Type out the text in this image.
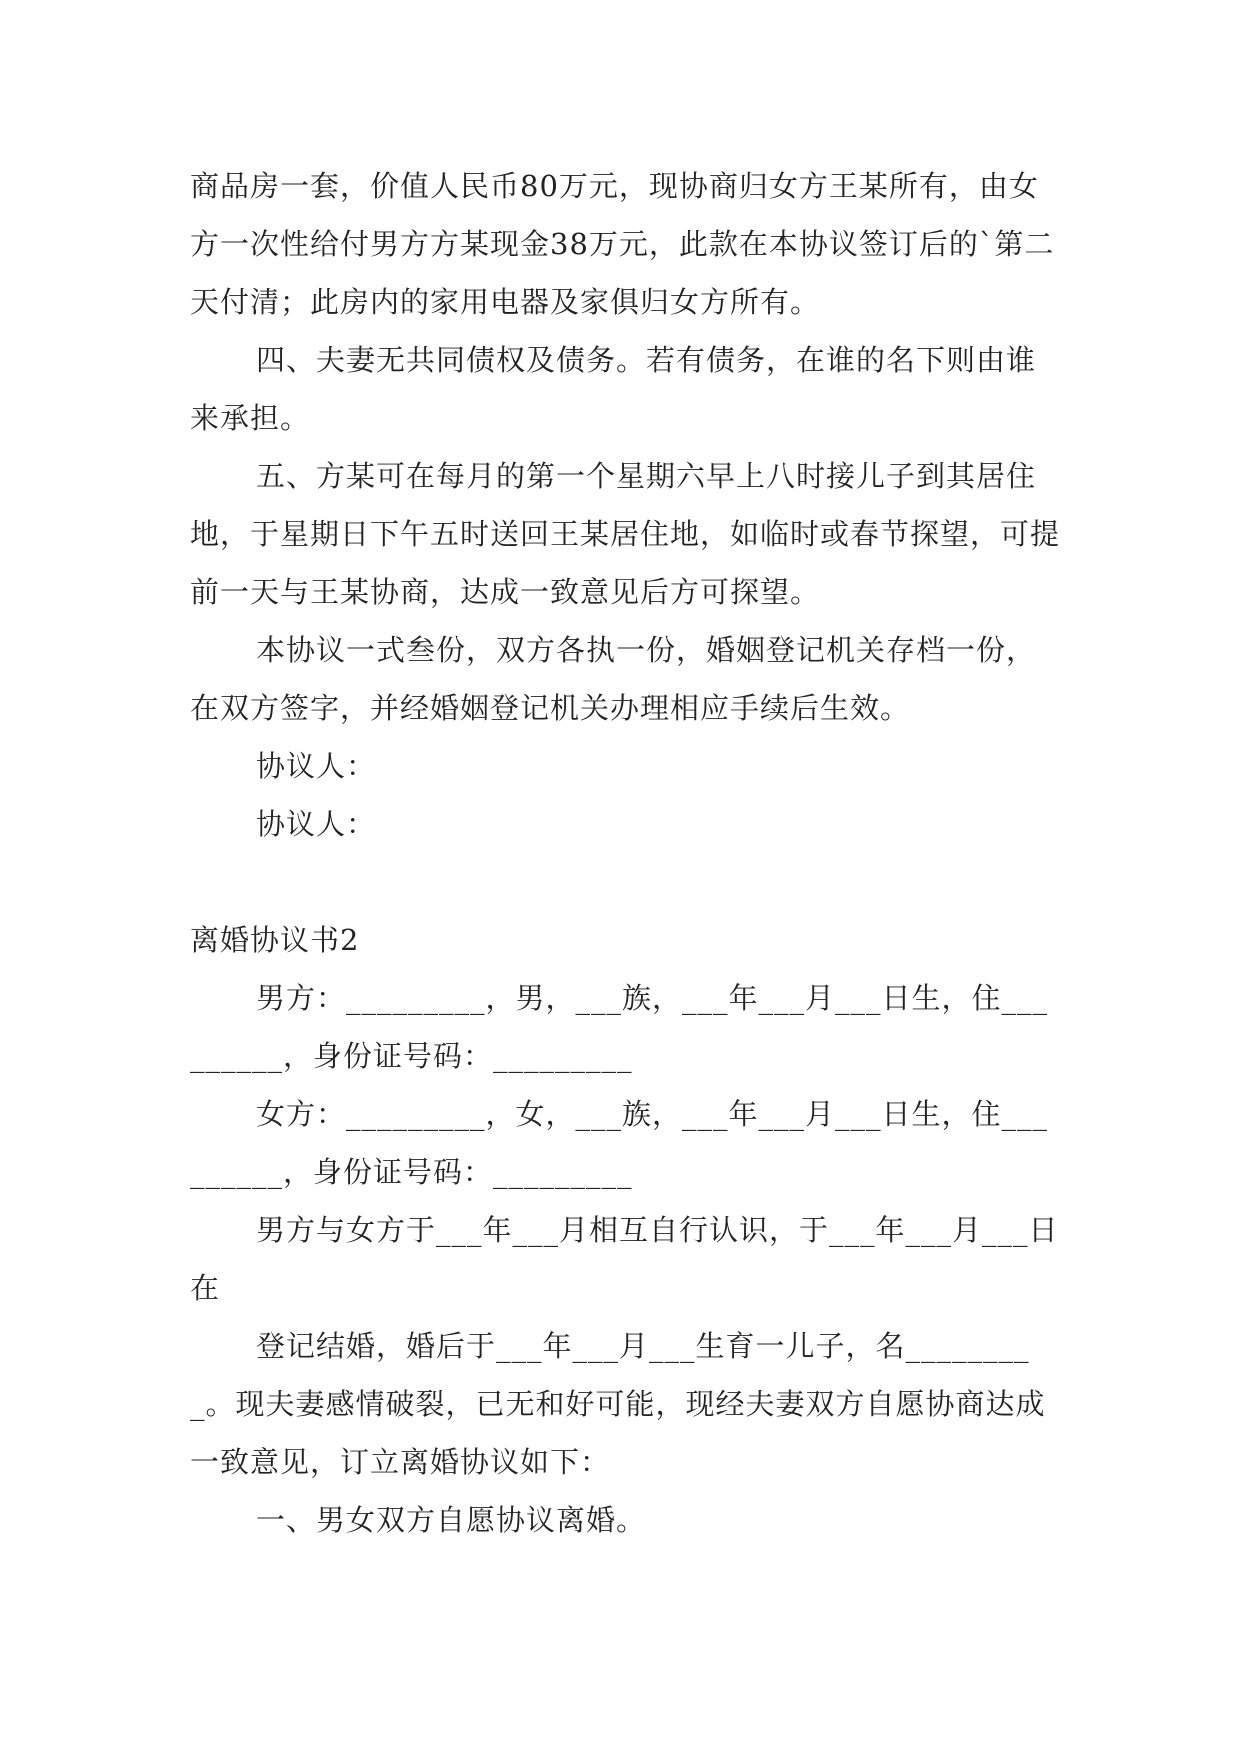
商品房一套，价值人民币80万元，现协商归女方王某所有，由女方一次性给付男方方某现金38万元，此款在本协议签订后的`第二天付清；此房内的家用电器及家俱归女方所有。

四、夫妻无共同债权及债务。若有债务，在谁的名下则由谁来承担。

五、方某可在每月的第一个星期六早上八时接儿子到其居住地，于星期日下午五时送回王某居住地，如临时或春节探望，可提前一天与王某协商，达成一致意见后方可探望。

本协议一式叁份，双方各执一份，婚姻登记机关存档一份，在双方签字，并经婚姻登记机关办理相应手续后生效。

协议人：

协议人：

离婚协议书2

男方：_________，男，___族，___年___月___日生，住_________，身份证号码：_________

女方：_________，女，___族，___年___月___日生，住_________，身份证号码：_________

男方与女方于___年___月相互自行认识，于___年___月___日在

登记结婚，婚后于___年___月___生育一儿子，名_________。现夫妻感情破裂，已无和好可能，现经夫妻双方自愿协商达成一致意见，订立离婚协议如下：

一、男女双方自愿协议离婚。
